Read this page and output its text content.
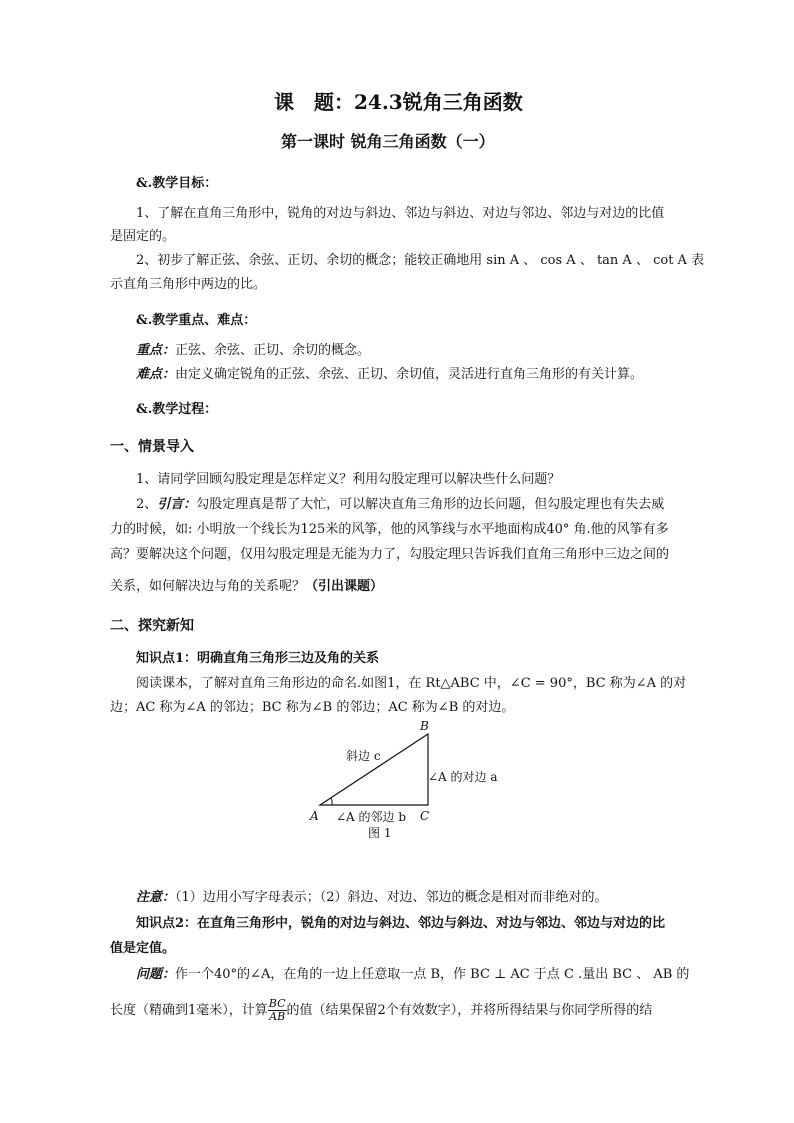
课　题：24.3锐角三角函数
第一课时 锐角三角函数（一）
&.教学目标：
1、了解在直角三角形中，锐角的对边与斜边、邻边与斜边、对边与邻边、邻边与对边的比值
是固定的。
2、初步了解正弦、余弦、正切、余切的概念；能较正确地用 sin A 、 cos A 、 tan A 、 cot A 表
示直角三角形中两边的比。
&.教学重点、难点：
重点：正弦、余弦、正切、余切的概念。
难点：由定义确定锐角的正弦、余弦、正切、余切值，灵活进行直角三角形的有关计算。
&.教学过程：
一、情景导入
1、请同学回顾勾股定理是怎样定义？利用勾股定理可以解决些什么问题？
2、引言：勾股定理真是帮了大忙，可以解决直角三角形的边长问题，但勾股定理也有失去威
力的时候，如: 小明放一个线长为125米的风筝，他的风筝线与水平地面构成40° 角.他的风筝有多
高？要解决这个问题，仅用勾股定理是无能为力了，勾股定理只告诉我们直角三角形中三边之间的
关系，如何解决边与角的关系呢？（引出课题）
二、探究新知
知识点1：明确直角三角形三边及角的关系
阅读课本，了解对直角三角形边的命名.如图1，在 Rt△ABC 中，∠C = 90°，BC 称为∠A 的对
边；AC 称为∠A 的邻边；BC 称为∠B 的邻边；AC 称为∠B 的对边。
B
A	C
斜边 c
∠A 的对边 a
∠A 的邻边 b
图 1
注意：（1）边用小写字母表示；（2）斜边、对边、邻边的概念是相对而非绝对的。
知识点2：在直角三角形中，锐角的对边与斜边、邻边与斜边、对边与邻边、邻边与对边的比
值是定值。
问题：作一个40°的∠A，在角的一边上任意取一点 B，作 BC ⊥ AC 于点 C .量出 BC 、 AB 的
长度（精确到1毫米），计算 $\frac{BC}{AB}$ 的值（结果保留2个有效数字），并将所得结果与你同学所得的结
